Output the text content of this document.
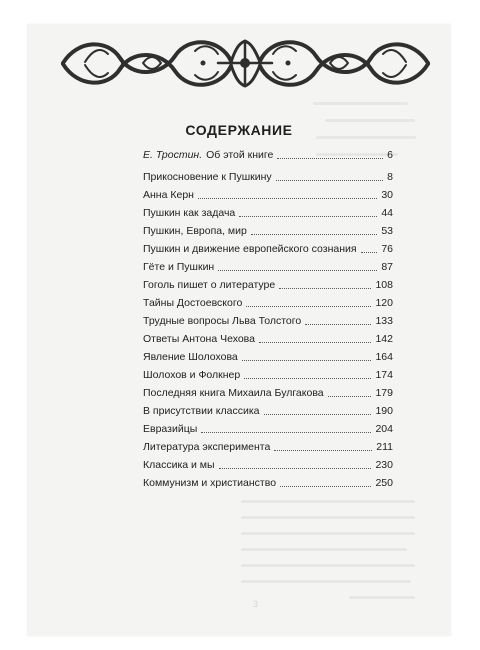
СОДЕРЖАНИЕ
Е. Тростин. Об этой книге	6
Прикосновение к Пушкину	8
Анна Керн	30
Пушкин как задача	44
Пушкин, Европа, мир	53
Пушкин и движение европейского сознания 76
Гёте и Пушкин	87
Гоголь пишет о литературе	108
Тайны Достоевского	120
Трудные вопросы Льва Толстого	133
Ответы Антона Чехова	142
Явление Шолохова	164
Шолохов и Фолкнер	174
Последняя книга Михаила Булгакова	179
В присутствии классика	190
Евразийцы	204
Литература эксперимента	211
Классика и мы	230
Коммунизм и христианство	250
3
